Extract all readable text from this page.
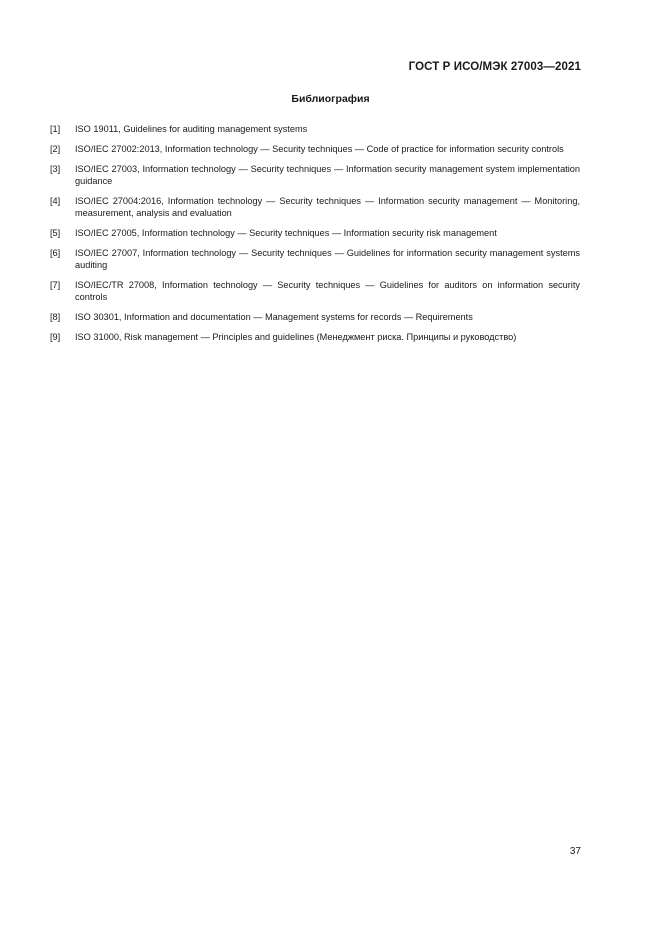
ГОСТ Р ИСО/МЭК 27003—2021
Библиография
[1]	ISO 19011, Guidelines for auditing management systems
[2]	ISO/IEC 27002:2013, Information technology — Security techniques — Code of practice for information security controls
[3]	ISO/IEC 27003, Information technology — Security techniques — Information security management system implementation guidance
[4]	ISO/IEC 27004:2016, Information technology — Security techniques — Information security management — Monitoring, measurement, analysis and evaluation
[5]	ISO/IEC 27005, Information technology — Security techniques — Information security risk management
[6]	ISO/IEC 27007, Information technology — Security techniques — Guidelines for information security management systems auditing
[7]	ISO/IEC/TR 27008, Information technology — Security techniques — Guidelines for auditors on information security controls
[8]	ISO 30301, Information and documentation — Management systems for records — Requirements
[9]	ISO 31000, Risk management — Principles and guidelines (Менеджмент риска. Принципы и руководство)
37
